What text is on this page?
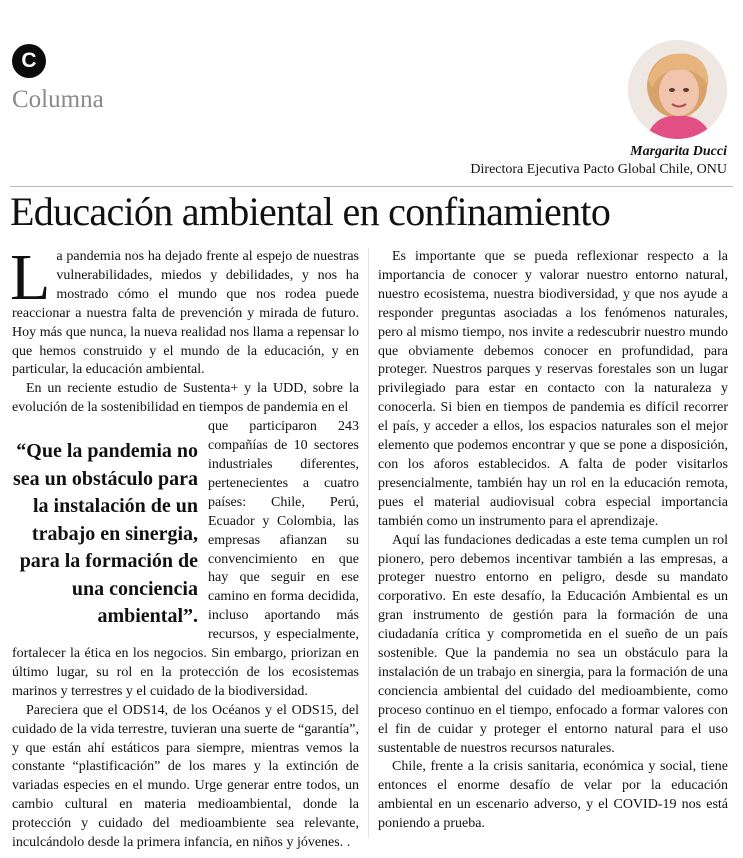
C
Columna
Margarita Ducci
Directora Ejecutiva Pacto Global Chile, ONU
Educación ambiental en confinamiento
L a pandemia nos ha dejado frente al espejo de nuestras vulnerabilidades, miedos y debilidades, y nos ha mostrado cómo el mundo que nos rodea puede reaccionar a nuestra falta de prevención y mirada de futuro. Hoy más que nunca, la nueva realidad nos llama a repensar lo que hemos construido y el mundo de la educación, y en particular, la educación ambiental.

En un reciente estudio de Sustenta+ y la UDD, sobre la evolución de la sostenibilidad en tiempos de pandemia en el

“Que la pandemia no sea un obstáculo para la instalación de un trabajo en sinergia, para la formación de una conciencia ambiental”.

que participaron 243 compañías de 10 sectores industriales diferentes, pertenecientes a cuatro países: Chile, Perú, Ecuador y Colombia, las empresas afianzan su convencimiento en que hay que seguir en ese camino en forma decidida, incluso aportando más recursos, y especialmente, fortalecer la ética en los negocios. Sin embargo, priorizan en último lugar, su rol en la protección de los ecosistemas marinos y terrestres y el cuidado de la biodiversidad.

Pareciera que el ODS14, de los Océanos y el ODS15, del cuidado de la vida terrestre, tuvieran una suerte de “garantía”, y que están ahí estáticos para siempre, mientras vemos la constante “plastificación” de los mares y la extinción de variadas especies en el mundo. Urge generar entre todos, un cambio cultural en materia medioambiental, donde la protección y cuidado del medioambiente sea relevante, inculcándolo desde la primera infancia, en niños y jóvenes. .

Es importante que se pueda reflexionar respecto a la importancia de conocer y valorar nuestro entorno natural, nuestro ecosistema, nuestra biodiversidad, y que nos ayude a responder preguntas asociadas a los fenómenos naturales, pero al mismo tiempo, nos invite a redescubrir nuestro mundo que obviamente debemos conocer en profundidad, para proteger. Nuestros parques y reservas forestales son un lugar privilegiado para estar en contacto con la naturaleza y conocerla. Si bien en tiempos de pandemia es difícil recorrer el país, y acceder a ellos, los espacios naturales son el mejor elemento que podemos encontrar y que se pone a disposición, con los aforos establecidos. A falta de poder visitarlos presencialmente, también hay un rol en la educación remota, pues el material audiovisual cobra especial importancia también como un instrumento para el aprendizaje.

Aquí las fundaciones dedicadas a este tema cumplen un rol pionero, pero debemos incentivar también a las empresas, a proteger nuestro entorno en peligro, desde su mandato corporativo. En este desafío, la Educación Ambiental es un gran instrumento de gestión para la formación de una ciudadanía crítica y comprometida en el sueño de un país sostenible. Que la pandemia no sea un obstáculo para la instalación de un trabajo en sinergia, para la formación de una conciencia ambiental del cuidado del medioambiente, como proceso continuo en el tiempo, enfocado a formar valores con el fin de cuidar y proteger el entorno natural para el uso sustentable de nuestros recursos naturales.

Chile, frente a la crisis sanitaria, económica y social, tiene entonces el enorme desafío de velar por la educación ambiental en un escenario adverso, y el COVID-19 nos está poniendo a prueba.
